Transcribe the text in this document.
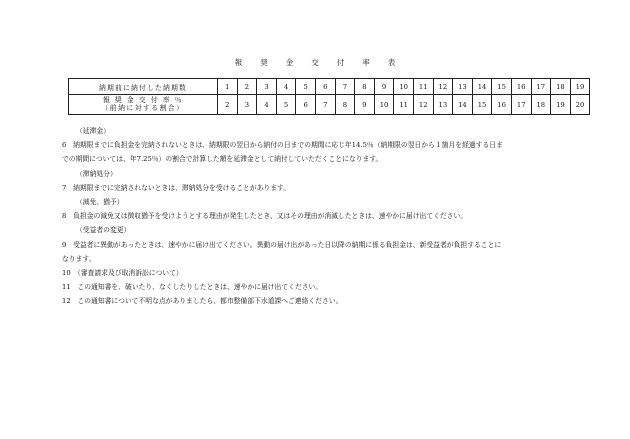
報 奨 金 交 付 率 表
納期前に納付した納期数	1	2	3	4	5	6	7	8	9	10	11	12	13	14	15	16	17	18	19

報 奨 金 交 付 率 ％
（前納に対する割合）	2	3	4	5	6	7	8	9	10	11	12	13	14	15	16	17	18	19	20
（延滞金）
6　納期限までに負担金を完納されないときは、納期限の翌日から納付の日までの期間に応じ年14.5％（納期限の翌日から１箇月を経過する日ま
での期間については、年7.25％）の割合で計算した額を延滞金として納付していただくことになります。
（滞納処分）
7　納期限までに完納されないときは、滞納処分を受けることがあります。
（減免、猶予）
8　負担金の減免又は徴収猶予を受けようとする理由が発生したとき、又はその理由が消滅したときは、速やかに届け出てください。
（受益者の変更）
9　受益者に異動があったときは、速やかに届け出てください。異動の届け出があった日以降の納期に係る負担金は、新受益者が負担することに
なります。
10　（審査請求及び取消訴訟について）
11　この通知書を、破いたり、なくしたりしたときは、速やかに届け出てください。
12　この通知書について不明な点がありましたら、都市整備部下水道課へご連絡ください。
